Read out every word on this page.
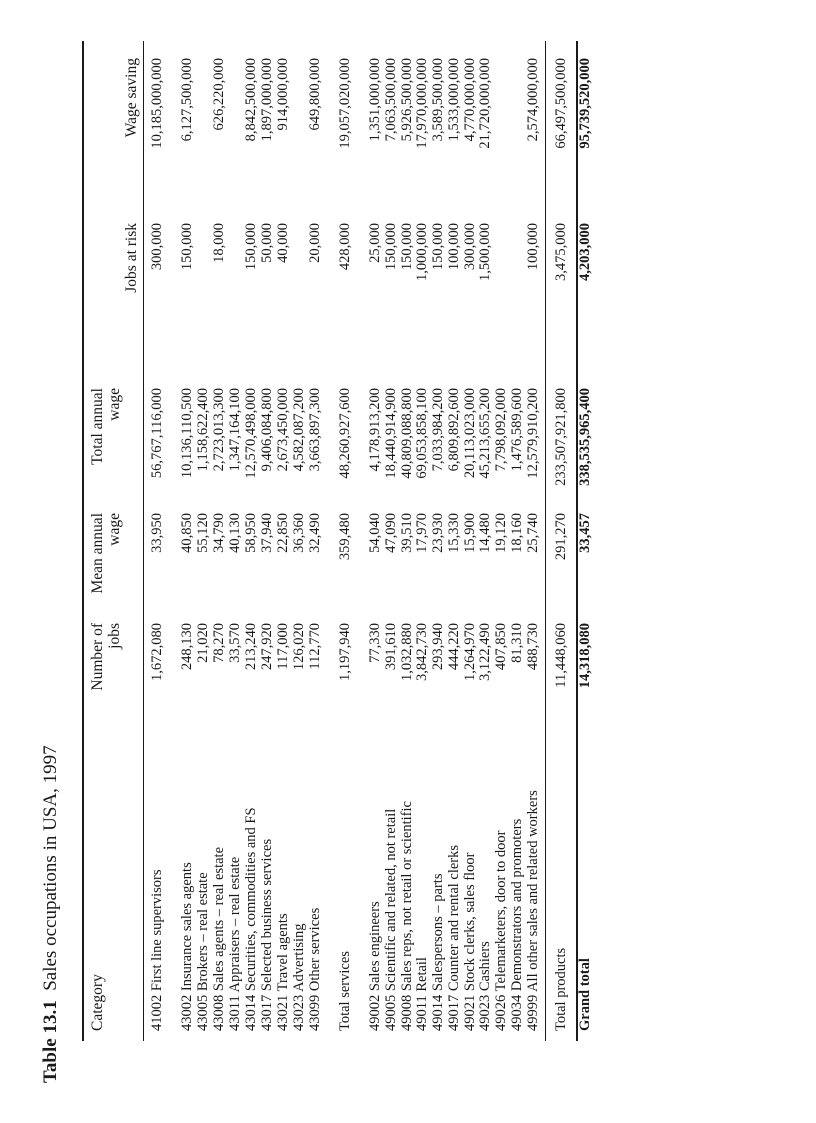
Table 13.1  Sales occupations in USA, 1997
Category
Number of jobs
Mean annual wage
Total annual wage
Jobs at risk
Wage saving
41002 First line supervisors 43002 Insurance sales agents 43005 Brokers – real estate 43008 Sales agents – real estate 43011 Appraisers – real estate 43014 Securities, commodities and FS 43017 Selected business services 43021 Travel agents 43023 Advertising 43099 Other services Total services 49002 Sales engineers 49005 Scientific and related, not retail 49008 Sales reps, not retail or scientific 49011 Retail 49014 Salespersons – parts 49017 Counter and rental clerks 49021 Stock clerks, sales floor 49023 Cashiers 49026 Telemarketers, door to door 49034 Demonstrators and promoters 49999 All other sales and related workers Total products Grand total
1,672,080 248,130 21,020 78,270 33,570 213,240 247,920 117,000 126,020 112,770 1,197,940 77,330 391,610 1,032,880 3,842,730 293,940 444,220 1,264,970 3,122,490 407,850 81,310 488,730 11,448,060 14,318,080
33,950 40,850 55,120 34,790 40,130 58,950 37,940 22,850 36,360 32,490 359,480 54,040 47,090 39,510 17,970 23,930 15,330 15,900 14,480 19,120 18,160 25,740 291,270 33,457
56,767,116,000 10,136,110,500 1,158,622,400 2,723,013,300 1,347,164,100 12,570,498,000 9,406,084,800 2,673,450,000 4,582,087,200 3,663,897,300 48,260,927,600 4,178,913,200 18,440,914,900 40,809,088,800 69,053,858,100 7,033,984,200 6,809,892,600 20,113,023,000 45,213,655,200 7,798,092,000 1,476,589,600 12,579,910,200 233,507,921,800 338,535,965,400
300,000 150,000 18,000 150,000 50,000 40,000 20,000 428,000 25,000 150,000 150,000 1,000,000 150,000 100,000 300,000 1,500,000 100,000 3,475,000 4,203,000
10,185,000,000 6,127,500,000 626,220,000 8,842,500,000 1,897,000,000 914,000,000 649,800,000 19,057,020,000 1,351,000,000 7,063,500,000 5,926,500,000 17,970,000,000 3,589,500,000 1,533,000,000 4,770,000,000 21,720,000,000 2,574,000,000 66,497,500,000 95,739,520,000
